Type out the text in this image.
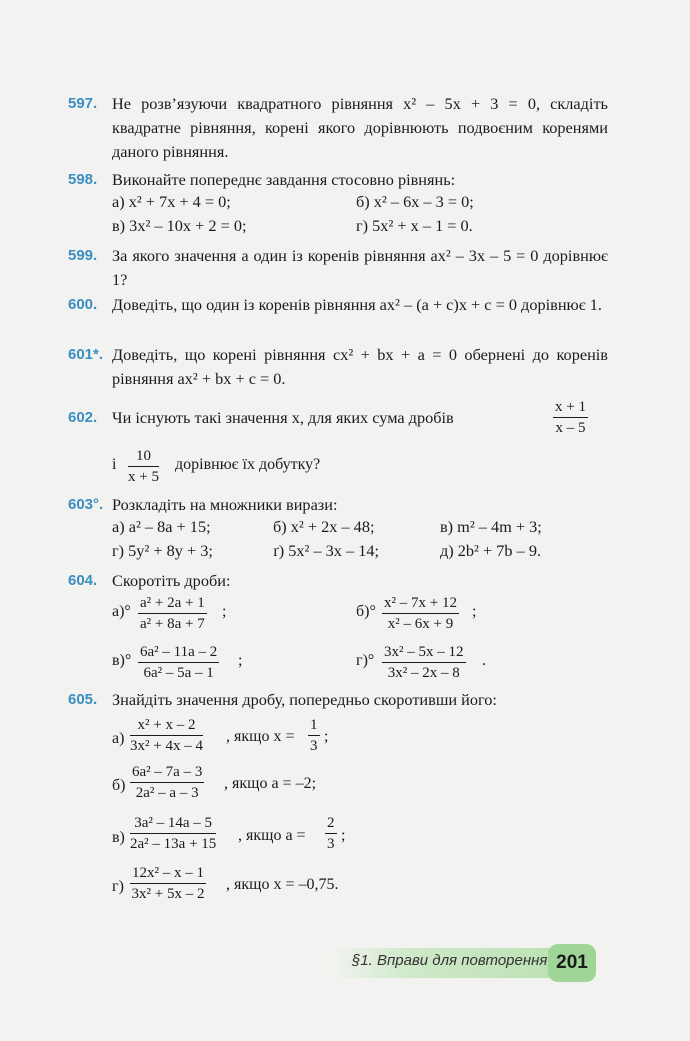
597. Не розв’язуючи квадратного рівняння x² – 5x + 3 = 0, складіть квадратне рівняння, корені якого дорівнюють подвоєним коренями даного рівняння.
598. Виконайте попереднє завдання стосовно рівнянь:
а) x² + 7x + 4 = 0;	б) x² – 6x – 3 = 0;
в) 3x² – 10x + 2 = 0;	г) 5x² + x – 1 = 0.
599. За якого значення a один із коренів рівняння ax² – 3x – 5 = 0 дорівнює 1?
600. Доведіть, що один із коренів рівняння ax² – (a + c)x + c = 0 дорівнює 1.
601*. Доведіть, що корені рівняння cx² + bx + a = 0 обернені до коренів рівняння ax² + bx + c = 0.
602. Чи існують такі значення x, для яких сума дробів	$\frac{x + 1}{x - 5}$
і $\frac{10}{x + 5}$ дорівнює їх добутку?
603°. Розкладіть на множники вирази:
а) a² – 8a + 15;	б) x² + 2x – 48;	в) m² – 4m + 3;
г) 5y² + 8y + 3;	ґ) 5x² – 3x – 14;	д) 2b² + 7b – 9.
604. Скоротіть дроби:
$а)^\circ \frac{\text{a² + 2a + 1}}{\text{a² + 8a + 7}}$ ;	$б)^\circ \frac{\text{x² – 7x + 12}}{\text{x² – 6x + 9}}$ ;
$в)^\circ \frac{\text{6a² – 11a – 2}}{\text{6a² – 5a – 1}}$ ;	$г)^\circ \frac{\text{3x² – 5x – 12}}{\text{3x² – 2x – 8}}$ .
605. Знайдіть значення дробу, попередньо скоротивши його:
$а) \frac{\text{x² + x – 2}}{\text{3x² + 4x – 4}}$ , якщо $x = \frac{1}{3}$ ;
$б) \frac{\text{6a² – 7a – 3}}{\text{2a² – a – 3}}$ , якщо a = –2;
$в) \frac{\text{3a² – 14a – 5}}{\text{2a² – 13a + 15}}$ , якщо $a = \frac{2}{3}$ ;
$г) \frac{\text{12x² – x – 1}}{\text{3x² + 5x – 2}}$ , якщо x = –0,75.
§1. Вправи для повторення 201
